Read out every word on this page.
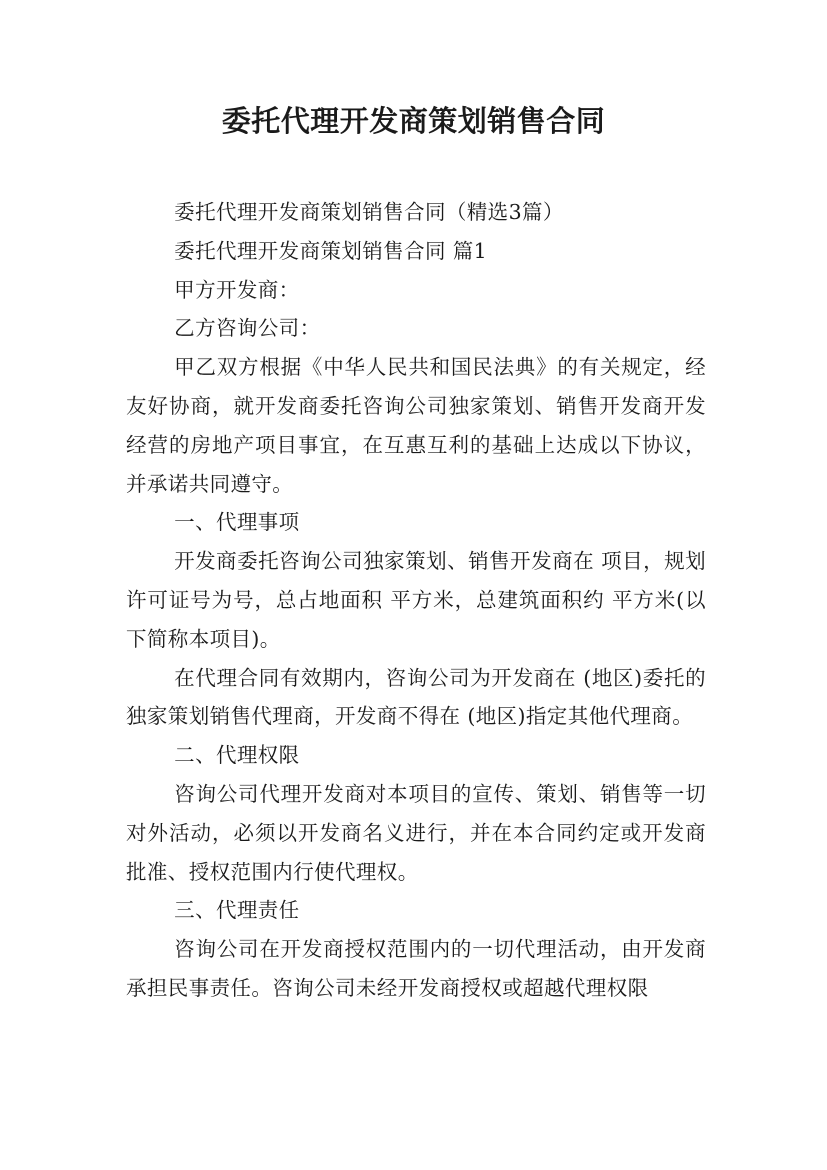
委托代理开发商策划销售合同

委托代理开发商策划销售合同（精选3篇）

委托代理开发商策划销售合同 篇1

甲方开发商：

乙方咨询公司：

甲乙双方根据《中华人民共和国民法典》的有关规定，经友好协商，就开发商委托咨询公司独家策划、销售开发商开发经营的房地产项目事宜，在互惠互利的基础上达成以下协议，并承诺共同遵守。

一、代理事项

开发商委托咨询公司独家策划、销售开发商在 项目，规划许可证号为号，总占地面积 平方米，总建筑面积约 平方米(以下简称本项目)。

在代理合同有效期内，咨询公司为开发商在 (地区)委托的独家策划销售代理商，开发商不得在 (地区)指定其他代理商。

二、代理权限

咨询公司代理开发商对本项目的宣传、策划、销售等一切对外活动，必须以开发商名义进行，并在本合同约定或开发商批准、授权范围内行使代理权。

三、代理责任

咨询公司在开发商授权范围内的一切代理活动，由开发商承担民事责任。咨询公司未经开发商授权或超越代理权限
